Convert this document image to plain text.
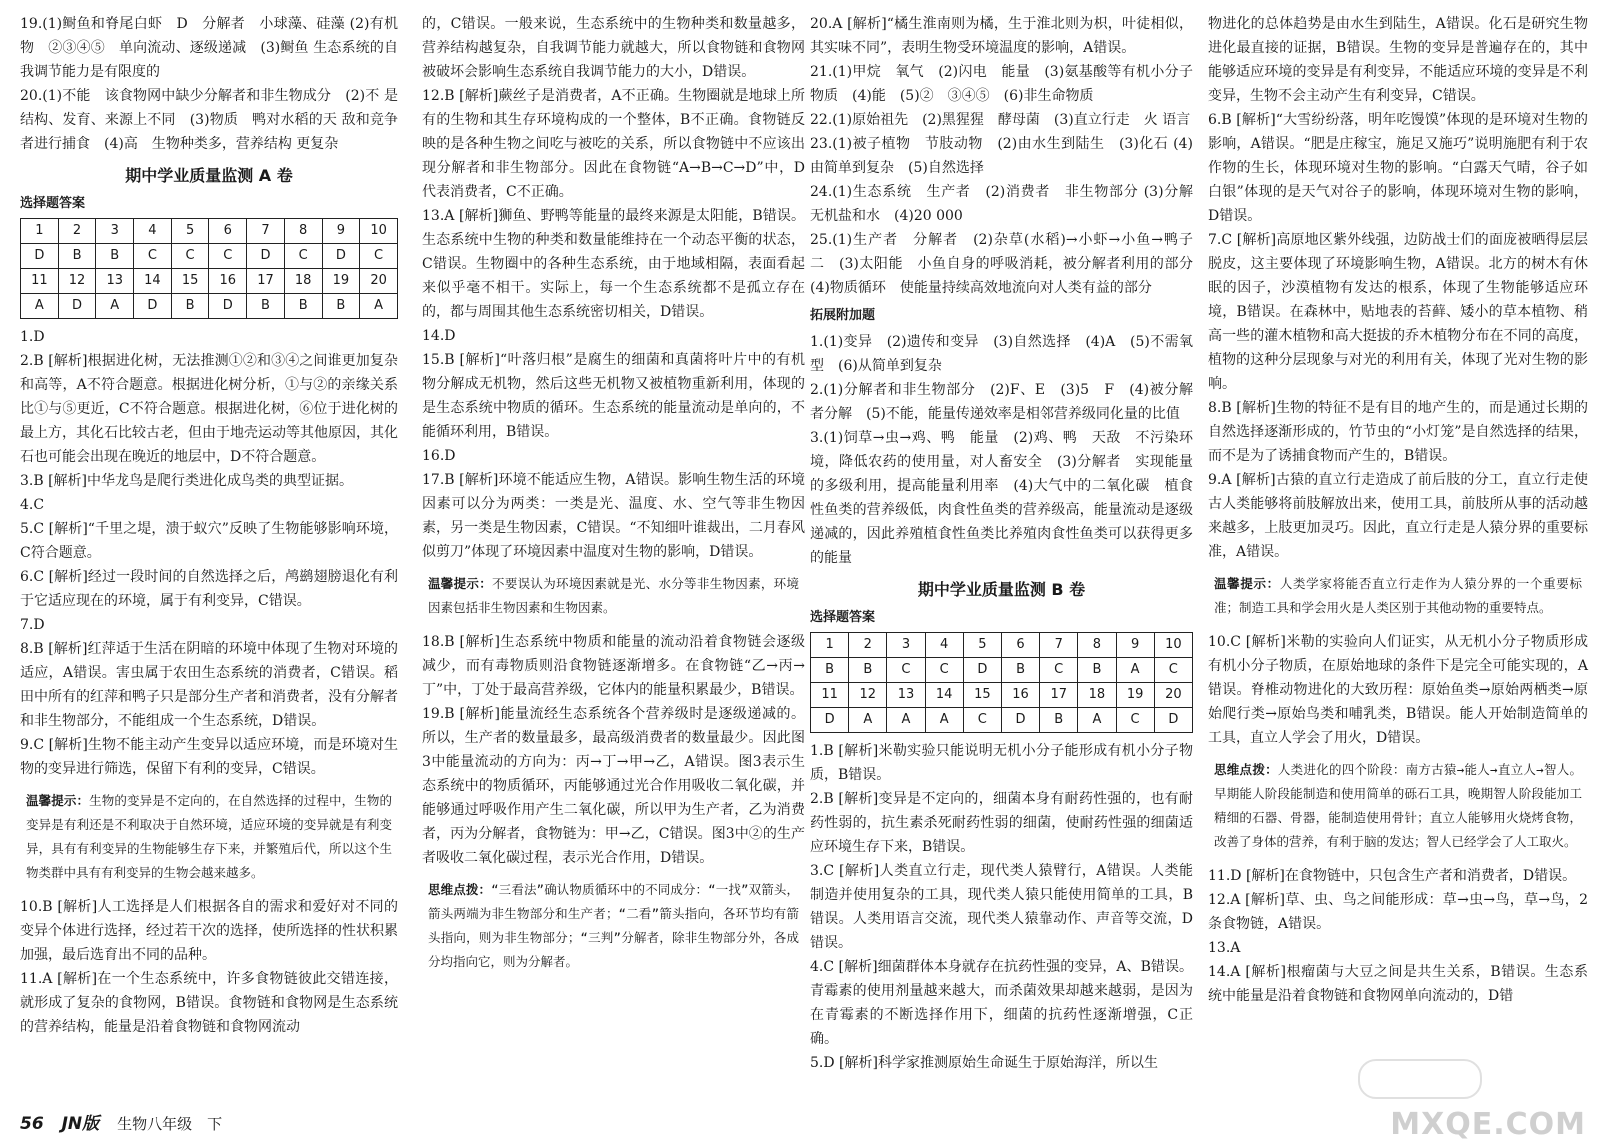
19.(1)鲥鱼和脊尾白虾　D　分解者　小球藻、硅藻 (2)有机物　②③④⑤　单向流动、逐级递减　(3)鲥鱼 生态系统的自我调节能力是有限度的

20.(1)不能　该食物网中缺少分解者和非生物成分　(2)不 是　结构、发育、来源上不同　(3)物质　鸭对水稻的天 敌和竞争者进行捕食　(4)高　生物种类多，营养结构 更复杂

期中学业质量监测 A 卷
选择题答案
1	2	3	4	5	6	7	8	9	10
D	B	B	C	C	C	D	C	D	C
11	12	13	14	15	16	17	18	19	20
A	D	A	D	B	D	B	B	B	A

1.D

2.B [解析]根据进化树，无法推测①②和③④之间谁更加复杂和高等，A不符合题意。根据进化树分析，①与②的亲缘关系比①与⑤更近，C不符合题意。根据进化树，⑥位于进化树的最上方，其化石比较古老，但由于地壳运动等其他原因，其化石也可能会出现在晚近的地层中，D不符合题意。

3.B [解析]中华龙鸟是爬行类进化成鸟类的典型证据。

4.C

5.C [解析]“千里之堤，溃于蚁穴”反映了生物能够影响环境，C符合题意。

6.C [解析]经过一段时间的自然选择之后，鸬鹚翅膀退化有利于它适应现在的环境，属于有利变异，C错误。

7.D

8.B [解析]红萍适于生活在阴暗的环境中体现了生物对环境的适应，A错误。害虫属于农田生态系统的消费者，C错误。稻田中所有的红萍和鸭子只是部分生产者和消费者，没有分解者和非生物部分，不能组成一个生态系统，D错误。

9.C [解析]生物不能主动产生变异以适应环境，而是环境对生物的变异进行筛选，保留下有利的变异，C错误。

温馨提示：生物的变异是不定向的，在自然选择的过程中，生物的变异是有利还是不利取决于自然环境，适应环境的变异就是有利变异，具有有利变异的生物能够生存下来，并繁殖后代，所以这个生物类群中具有有利变异的生物会越来越多。

10.B [解析]人工选择是人们根据各自的需求和爱好对不同的变异个体进行选择，经过若干次的选择，使所选择的性状积累加强，最后选育出不同的品种。

11.A [解析]在一个生态系统中，许多食物链彼此交错连接，就形成了复杂的食物网，B错误。食物链和食物网是生态系统的营养结构，能量是沿着食物链和食物网流动

的，C错误。一般来说，生态系统中的生物种类和数量越多，营养结构越复杂，自我调节能力就越大，所以食物链和食物网被破坏会影响生态系统自我调节能力的大小，D错误。

12.B [解析]蕨丝子是消费者，A不正确。生物圈就是地球上所有的生物和其生存环境构成的一个整体，B不正确。食物链反映的是各种生物之间吃与被吃的关系，所以食物链中不应该出现分解者和非生物部分。因此在食物链“A→B→C→D”中，D代表消费者，C不正确。

13.A [解析]狮鱼、野鸭等能量的最终来源是太阳能，B错误。生态系统中生物的种类和数量能维持在一个动态平衡的状态，C错误。生物圈中的各种生态系统，由于地域相隔，表面看起来似乎毫不相干。实际上，每一个生态系统都不是孤立存在的，都与周围其他生态系统密切相关，D错误。

14.D

15.B [解析]“叶落归根”是腐生的细菌和真菌将叶片中的有机物分解成无机物，然后这些无机物又被植物重新利用，体现的是生态系统中物质的循环。生态系统的能量流动是单向的，不能循环利用，B错误。

16.D

17.B [解析]环境不能适应生物，A错误。影响生物生活的环境因素可以分为两类：一类是光、温度、水、空气等非生物因素，另一类是生物因素，C错误。“不知细叶谁裁出，二月春风似剪刀”体现了环境因素中温度对生物的影响，D错误。

温馨提示：不要误认为环境因素就是光、水分等非生物因素，环境因素包括非生物因素和生物因素。

18.B [解析]生态系统中物质和能量的流动沿着食物链会逐级减少，而有毒物质则沿食物链逐渐增多。在食物链“乙→丙→丁”中，丁处于最高营养级，它体内的能量积累最少，B错误。

19.B [解析]能量流经生态系统各个营养级时是逐级递减的。所以，生产者的数量最多，最高级消费者的数量最少。因此图3中能量流动的方向为：丙→丁→甲→乙，A错误。图3表示生态系统中的物质循环，丙能够通过光合作用吸收二氧化碳，并能够通过呼吸作用产生二氧化碳，所以甲为生产者，乙为消费者，丙为分解者，食物链为：甲→乙，C错误。图3中②的生产者吸收二氧化碳过程，表示光合作用，D错误。

思维点拨：“三看法”确认物质循环中的不同成分：“一找”双箭头，箭头两端为非生物部分和生产者；“二看”箭头指向，各环节均有箭头指向，则为非生物部分；“三判”分解者，除非生物部分外，各成分均指向它，则为分解者。

20.A [解析]“橘生淮南则为橘，生于淮北则为枳，叶徒相似，其实味不同”，表明生物受环境温度的影响，A错误。

21.(1)甲烷　氧气　(2)闪电　能量　(3)氨基酸等有机小分子物质　(4)能　(5)②　③④⑤　(6)非生命物质

22.(1)原始祖先　(2)黑猩猩　酵母菌　(3)直立行走　火 语言

23.(1)被子植物　节肢动物　(2)由水生到陆生　(3)化石 (4)由简单到复杂　(5)自然选择

24.(1)生态系统　生产者　(2)消费者　非生物部分 (3)分解　无机盐和水　(4)20 000

25.(1)生产者　分解者　(2)杂草(水稻)→小虾→小鱼→鸭子　二　(3)太阳能　小鱼自身的呼吸消耗，被分解者利用的部分　(4)物质循环　使能量持续高效地流向对人类有益的部分

拓展附加题

1.(1)变异　(2)遗传和变异　(3)自然选择　(4)A　(5)不需氧型　(6)从简单到复杂

2.(1)分解者和非生物部分　(2)F、E　(3)5　F　(4)被分解者分解　(5)不能，能量传递效率是相邻营养级同化量的比值

3.(1)饲草→虫→鸡、鸭　能量　(2)鸡、鸭　天敌　不污染环境，降低农药的使用量，对人畜安全　(3)分解者　实现能量的多级利用，提高能量利用率　(4)大气中的二氧化碳　植食性鱼类的营养级低，肉食性鱼类的营养级高，能量流动是逐级递减的，因此养殖植食性鱼类比养殖肉食性鱼类可以获得更多的能量

期中学业质量监测 B 卷
选择题答案
1	2	3	4	5	6	7	8	9	10
B	B	C	C	D	B	C	B	A	C
11	12	13	14	15	16	17	18	19	20
D	A	A	A	C	D	B	A	C	D

1.B [解析]米勒实验只能说明无机小分子能形成有机小分子物质，B错误。

2.B [解析]变异是不定向的，细菌本身有耐药性强的，也有耐药性弱的，抗生素杀死耐药性弱的细菌，使耐药性强的细菌适应环境生存下来，B错误。

3.C [解析]人类直立行走，现代类人猿臂行，A错误。人类能制造并使用复杂的工具，现代类人猿只能使用简单的工具，B错误。人类用语言交流，现代类人猿靠动作、声音等交流，D错误。

4.C [解析]细菌群体本身就存在抗药性强的变异，A、B错误。青霉素的使用剂量越来越大，而杀菌效果却越来越弱，是因为在青霉素的不断选择作用下，细菌的抗药性逐渐增强，C正确。

5.D [解析]科学家推测原始生命诞生于原始海洋，所以生

物进化的总体趋势是由水生到陆生，A错误。化石是研究生物进化最直接的证据，B错误。生物的变异是普遍存在的，其中能够适应环境的变异是有利变异，不能适应环境的变异是不利变异，生物不会主动产生有利变异，C错误。

6.B [解析]“大雪纷纷落，明年吃馒馍”体现的是环境对生物的影响，A错误。“肥是庄稼宝，施足又施巧”说明施肥有利于农作物的生长，体现环境对生物的影响。“白露天气晴，谷子如白银”体现的是天气对谷子的影响，体现环境对生物的影响，D错误。

7.C [解析]高原地区紫外线强，边防战士们的面庞被晒得层层脱皮，这主要体现了环境影响生物，A错误。北方的树木有休眠的因子，沙漠植物有发达的根系，体现了生物能够适应环境，B错误。在森林中，贴地表的苔藓、矮小的草本植物、稍高一些的灌木植物和高大挺拔的乔木植物分布在不同的高度，植物的这种分层现象与对光的利用有关，体现了光对生物的影响。

8.B [解析]生物的特征不是有目的地产生的，而是通过长期的自然选择逐渐形成的，竹节虫的“小灯笼”是自然选择的结果，而不是为了诱捕食物而产生的，B错误。

9.A [解析]古猿的直立行走造成了前后肢的分工，直立行走使古人类能够将前肢解放出来，使用工具，前肢所从事的活动越来越多，上肢更加灵巧。因此，直立行走是人猿分界的重要标准，A错误。

温馨提示：人类学家将能否直立行走作为人猿分界的一个重要标准；制造工具和学会用火是人类区别于其他动物的重要特点。

10.C [解析]米勒的实验向人们证实，从无机小分子物质形成有机小分子物质，在原始地球的条件下是完全可能实现的，A错误。脊椎动物进化的大致历程：原始鱼类→原始两栖类→原始爬行类→原始鸟类和哺乳类，B错误。能人开始制造简单的工具，直立人学会了用火，D错误。

思维点拨：人类进化的四个阶段：南方古猿→能人→直立人→智人。早期能人阶段能制造和使用简单的砾石工具，晚期智人阶段能加工精细的石器、骨器，能制造使用骨针；直立人能够用火烧烤食物，改善了身体的营养，有利于脑的发达；智人已经学会了人工取火。

11.D [解析]在食物链中，只包含生产者和消费者，D错误。

12.A [解析]草、虫、鸟之间能形成：草→虫→鸟，草→鸟，2条食物链，A错误。

13.A

14.A [解析]根瘤菌与大豆之间是共生关系，B错误。生态系统中能量是沿着食物链和食物网单向流动的，D错

56 JN版 生物八年级　下	MXQE.COM
